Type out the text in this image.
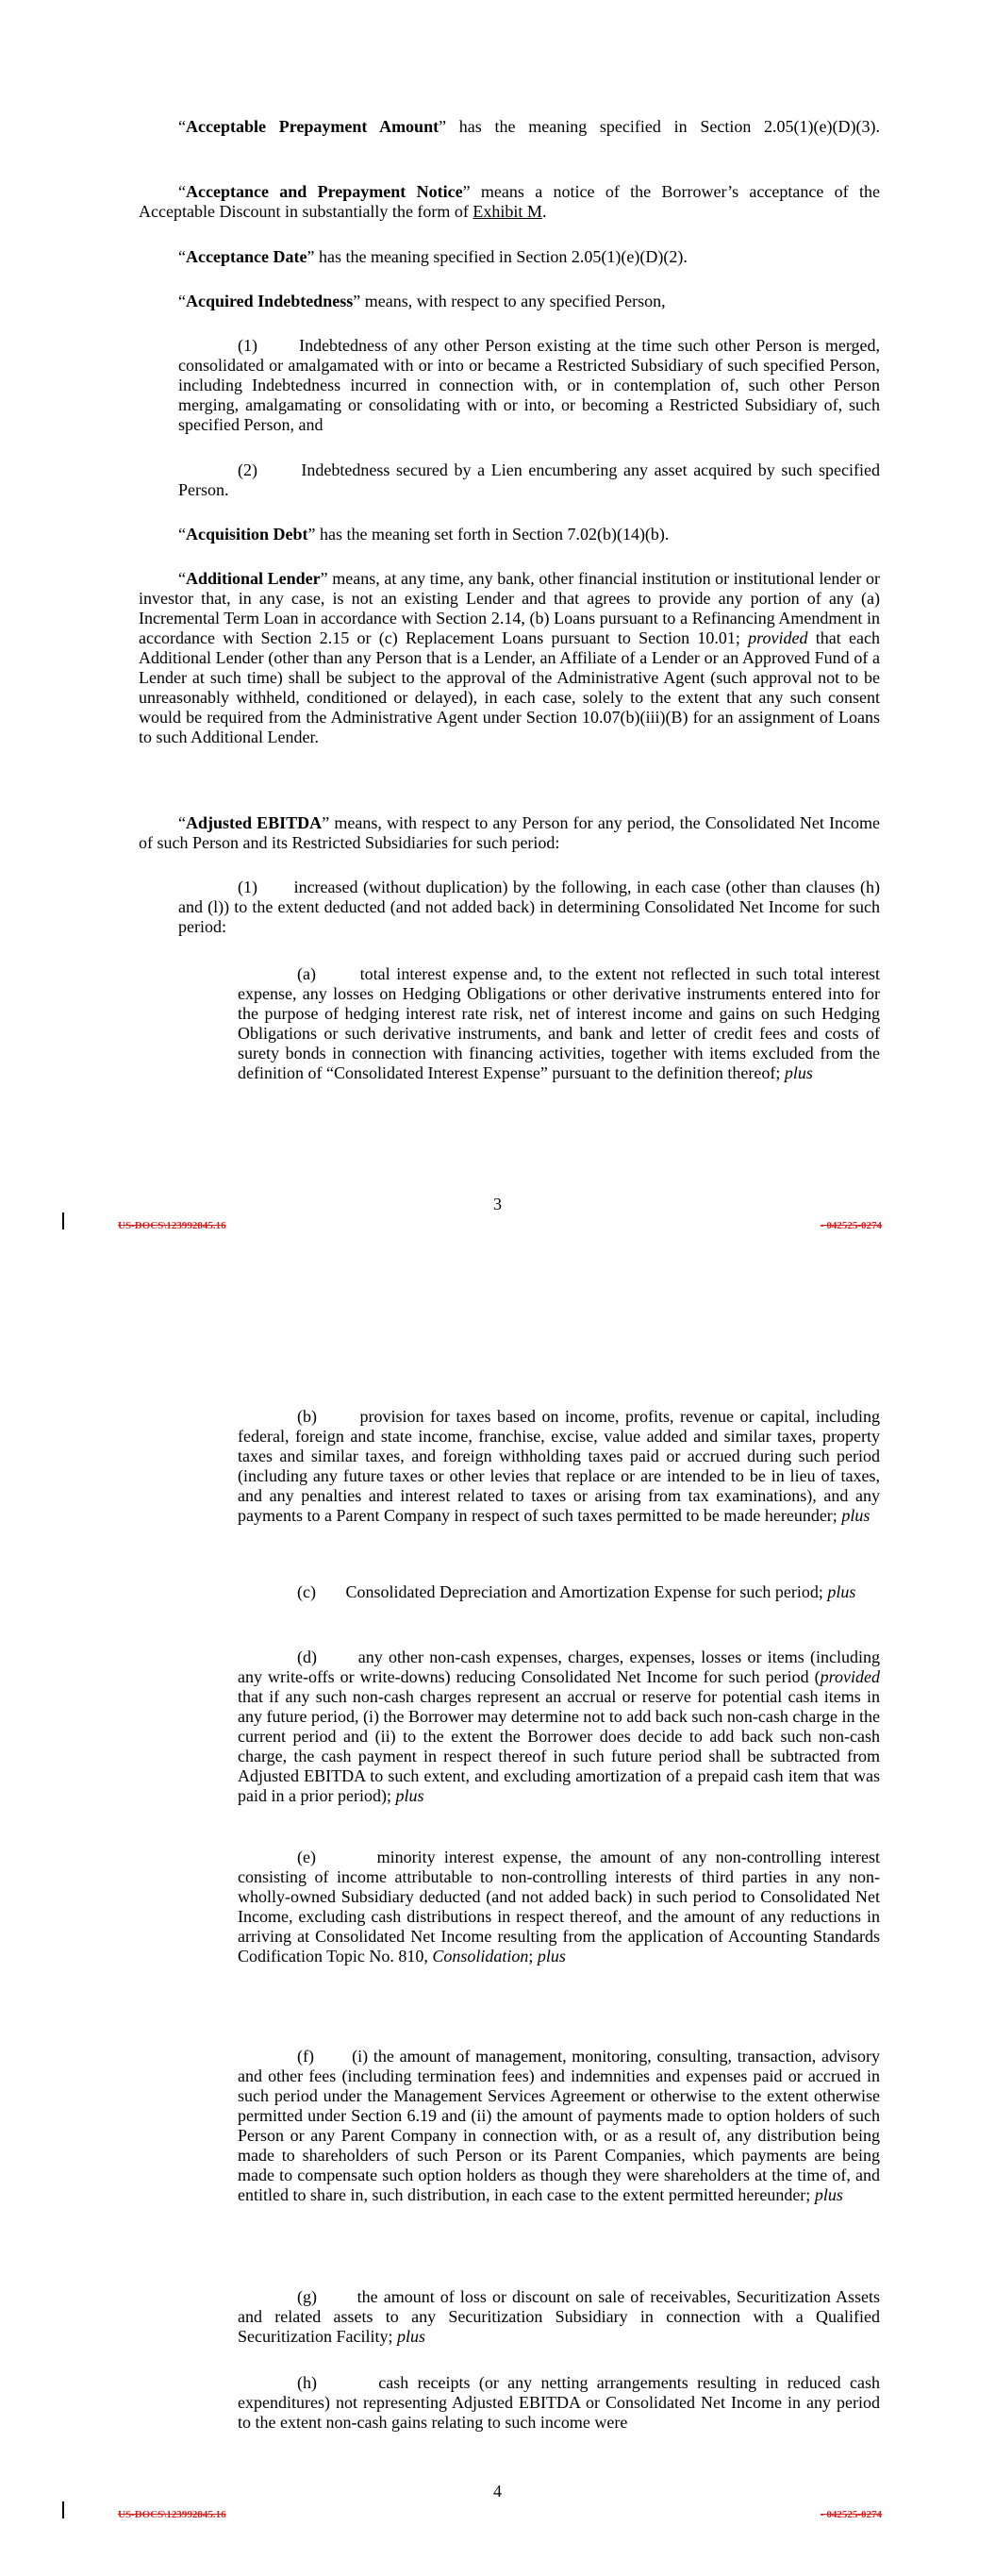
“Acceptable Prepayment Amount” has the meaning specified in Section 2.05(1)(e)(D)(3).

“Acceptance and Prepayment Notice” means a notice of the Borrower’s acceptance of the Acceptable Discount in substantially the form of Exhibit M.

“Acceptance Date” has the meaning specified in Section 2.05(1)(e)(D)(2).

“Acquired Indebtedness” means, with respect to any specified Person,

(1)       Indebtedness of any other Person existing at the time such other Person is merged, consolidated or amalgamated with or into or became a Restricted Subsidiary of such specified Person, including Indebtedness incurred in connection with, or in contemplation of, such other Person merging, amalgamating or consolidating with or into, or becoming a Restricted Subsidiary of, such specified Person, and

(2)       Indebtedness secured by a Lien encumbering any asset acquired by such specified Person.

“Acquisition Debt” has the meaning set forth in Section 7.02(b)(14)(b).

“Additional Lender” means, at any time, any bank, other financial institution or institutional lender or investor that, in any case, is not an existing Lender and that agrees to provide any portion of any (a) Incremental Term Loan in accordance with Section 2.14, (b) Loans pursuant to a Refinancing Amendment in accordance with Section 2.15 or (c) Replacement Loans pursuant to Section 10.01; provided that each Additional Lender (other than any Person that is a Lender, an Affiliate of a Lender or an Approved Fund of a Lender at such time) shall be subject to the approval of the Administrative Agent (such approval not to be unreasonably withheld, conditioned or delayed), in each case, solely to the extent that any such consent would be required from the Administrative Agent under Section 10.07(b)(iii)(B) for an assignment of Loans to such Additional Lender.

“Adjusted EBITDA” means, with respect to any Person for any period, the Consolidated Net Income of such Person and its Restricted Subsidiaries for such period:

(1)       increased (without duplication) by the following, in each case (other than clauses (h) and (l)) to the extent deducted (and not added back) in determining Consolidated Net Income for such period:

(a)       total interest expense and, to the extent not reflected in such total interest expense, any losses on Hedging Obligations or other derivative instruments entered into for the purpose of hedging interest rate risk, net of interest income and gains on such Hedging Obligations or such derivative instruments, and bank and letter of credit fees and costs of surety bonds in connection with financing activities, together with items excluded from the definition of “Consolidated Interest Expense” pursuant to the definition thereof; plus

3
US-DOCS\123992845.16	- 042525-0274

(b)       provision for taxes based on income, profits, revenue or capital, including federal, foreign and state income, franchise, excise, value added and similar taxes, property taxes and similar taxes, and foreign withholding taxes paid or accrued during such period (including any future taxes or other levies that replace or are intended to be in lieu of taxes, and any penalties and interest related to taxes or arising from tax examinations), and any payments to a Parent Company in respect of such taxes permitted to be made hereunder; plus

(c)       Consolidated Depreciation and Amortization Expense for such period; plus

(d)       any other non-cash expenses, charges, expenses, losses or items (including any write-offs or write-downs) reducing Consolidated Net Income for such period (provided that if any such non-cash charges represent an accrual or reserve for potential cash items in any future period, (i) the Borrower may determine not to add back such non-cash charge in the current period and (ii) to the extent the Borrower does decide to add back such non-cash charge, the cash payment in respect thereof in such future period shall be subtracted from Adjusted EBITDA to such extent, and excluding amortization of a prepaid cash item that was paid in a prior period); plus

(e)       minority interest expense, the amount of any non-controlling interest consisting of income attributable to non-controlling interests of third parties in any non-wholly-owned Subsidiary deducted (and not added back) in such period to Consolidated Net Income, excluding cash distributions in respect thereof, and the amount of any reductions in arriving at Consolidated Net Income resulting from the application of Accounting Standards Codification Topic No. 810, Consolidation; plus

(f)       (i) the amount of management, monitoring, consulting, transaction, advisory and other fees (including termination fees) and indemnities and expenses paid or accrued in such period under the Management Services Agreement or otherwise to the extent otherwise permitted under Section 6.19 and (ii) the amount of payments made to option holders of such Person or any Parent Company in connection with, or as a result of, any distribution being made to shareholders of such Person or its Parent Companies, which payments are being made to compensate such option holders as though they were shareholders at the time of, and entitled to share in, such distribution, in each case to the extent permitted hereunder; plus

(g)       the amount of loss or discount on sale of receivables, Securitization Assets and related assets to any Securitization Subsidiary in connection with a Qualified Securitization Facility; plus

(h)       cash receipts (or any netting arrangements resulting in reduced cash expenditures) not representing Adjusted EBITDA or Consolidated Net Income in any period to the extent non-cash gains relating to such income were

4
US-DOCS\123992845.16	- 042525-0274
